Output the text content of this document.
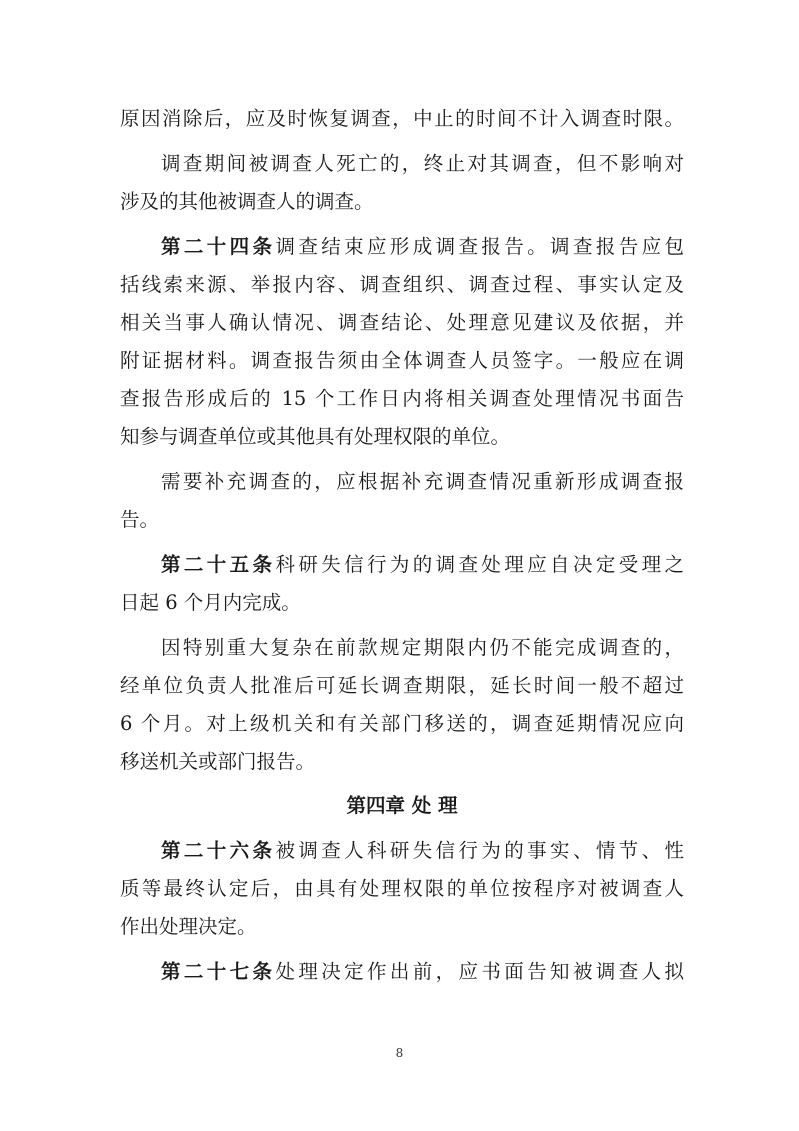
原因消除后，应及时恢复调查，中止的时间不计入调查时限。
调查期间被调查人死亡的，终止对其调查，但不影响对
涉及的其他被调查人的调查。
第二十四条调查结束应形成调查报告。调查报告应包
括线索来源、举报内容、调查组织、调查过程、事实认定及
相关当事人确认情况、调查结论、处理意见建议及依据，并
附证据材料。调查报告须由全体调查人员签字。一般应在调
查报告形成后的 15 个工作日内将相关调查处理情况书面告
知参与调查单位或其他具有处理权限的单位。
需要补充调查的，应根据补充调查情况重新形成调查报
告。
第二十五条科研失信行为的调查处理应自决定受理之
日起 6 个月内完成。
因特别重大复杂在前款规定期限内仍不能完成调查的，
经单位负责人批准后可延长调查期限，延长时间一般不超过
6 个月。对上级机关和有关部门移送的，调查延期情况应向
移送机关或部门报告。
第四章 处 理
第二十六条被调查人科研失信行为的事实、情节、性
质等最终认定后，由具有处理权限的单位按程序对被调查人
作出处理决定。
第二十七条处理决定作出前，应书面告知被调查人拟
8
